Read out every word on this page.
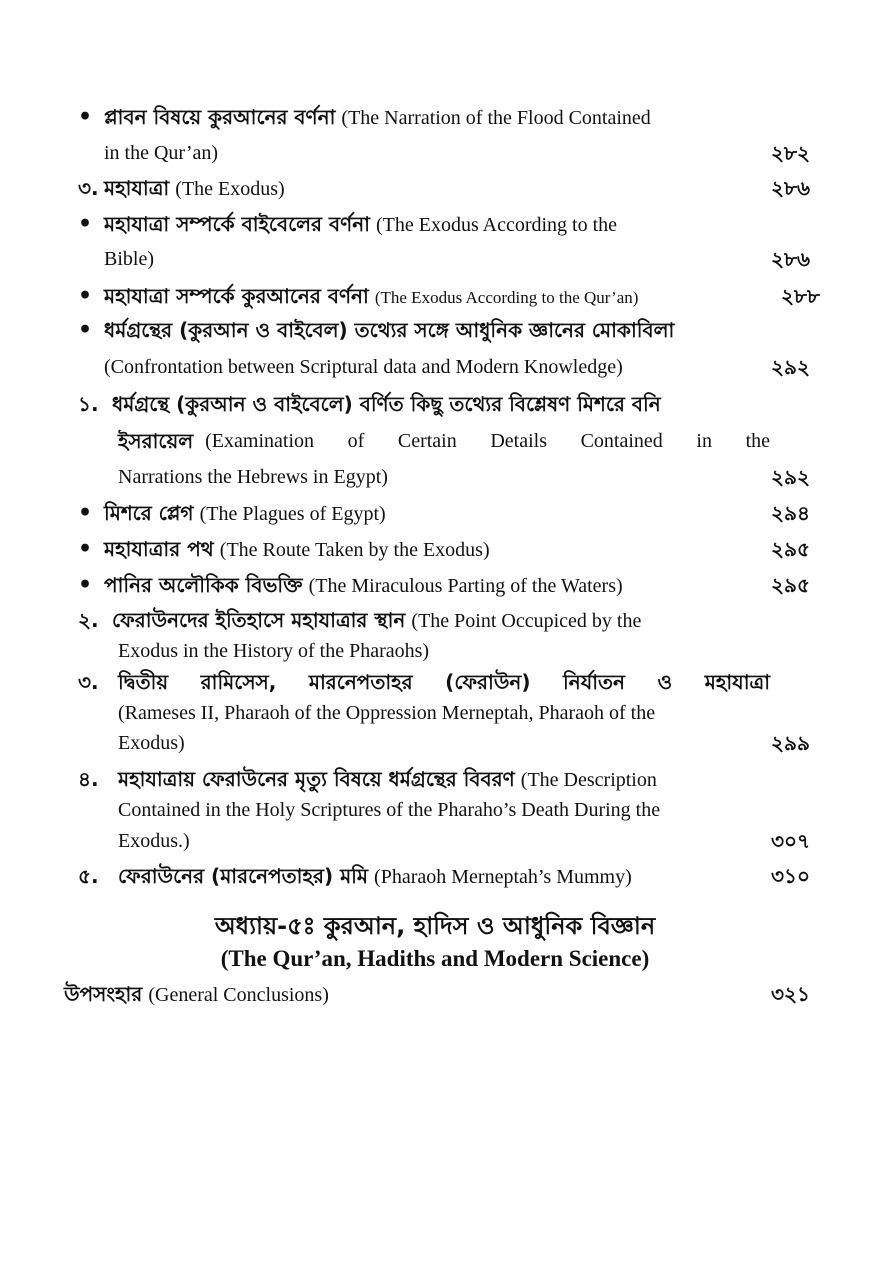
• প্লাবন বিষয়ে কুরআনের বর্ণনা (The Narration of the Flood Contained
in the Qur’an)	২৮২
৩. মহাযাত্রা (The Exodus)	২৮৬
• মহাযাত্রা সম্পর্কে বাইবেলের বর্ণনা (The Exodus According to the
Bible)	২৮৬
• মহাযাত্রা সম্পর্কে কুরআনের বর্ণনা (The Exodus According to the Qur’an)	২৮৮
• ধর্মগ্রন্থের (কুরআন ও বাইবেল) তথ্যের সঙ্গে আধুনিক জ্ঞানের মোকাবিলা
(Confrontation between Scriptural data and Modern Knowledge)	২৯২
১. ধর্মগ্রন্থে (কুরআন ও বাইবেলে) বর্ণিত কিছু তথ্যের বিশ্লেষণ মিশরে বনি
ইসরায়েল (Examination of Certain Details Contained in the
Narrations the Hebrews in Egypt)	২৯২
• মিশরে প্লেগ (The Plagues of Egypt)	২৯৪
• মহাযাত্রার পথ (The Route Taken by the Exodus)	২৯৫
• পানির অলৌকিক বিভক্তি (The Miraculous Parting of the Waters)	২৯৫
২. ফেরাউনদের ইতিহাসে মহাযাত্রার স্থান (The Point Occupiced by the
Exodus in the History of the Pharaohs)
৩. দ্বিতীয় রামিসেস, মারনেপতাহর (ফেরাউন) নির্যাতন ও মহাযাত্রা
(Rameses II, Pharaoh of the Oppression Merneptah, Pharaoh of the
Exodus)	২৯৯
৪. মহাযাত্রায় ফেরাউনের মৃত্যু বিষয়ে ধর্মগ্রন্থের বিবরণ (The Description
Contained in the Holy Scriptures of the Pharaho’s Death During the
Exodus.)	৩০৭
৫. ফেরাউনের (মারনেপতাহর) মমি (Pharaoh Merneptah’s Mummy)	৩১০
অধ্যায়-৫ঃ কুরআন, হাদিস ও আধুনিক বিজ্ঞান
(The Qur’an, Hadiths and Modern Science)
উপসংহার (General Conclusions)	৩২১
